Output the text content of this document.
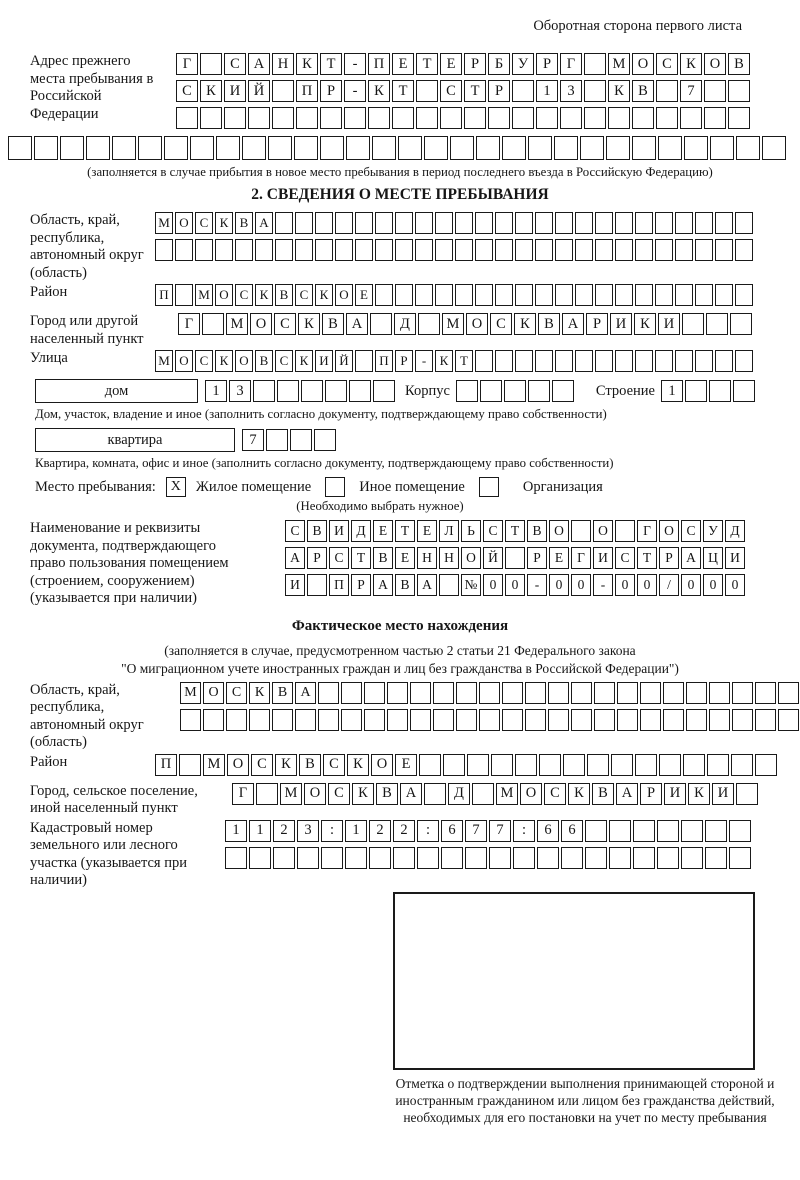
Оборотная сторона первого листа
Адрес прежнего места пребывания в Российской Федерации
Г	С А Н К	Т	-	П Е	Т	Е	Р	Б	У	Р	Г	М О С К О В
С К И Й	П	Р	-	К	Т	С	Т	Р	1	3	К В	7
(заполняется в случае прибытия в новое место пребывания в период последнего въезда в Российскую Федерацию)
2. СВЕДЕНИЯ О МЕСТЕ ПРЕБЫВАНИЯ
Область, край, республика, автономный округ (область)
М О С К В А
Район	П	М О С К В С К О Е
Город или другой населенный пункт
Г	М О С К В А	Д	М О С К В А	Р	И К И
Улица	М О С К О В С К И Й	П Р	-	К Т
дом	1	3	Корпус	Строение 1
Дом, участок, владение и иное (заполнить согласно документу, подтверждающему право собственности)
квартира	7
Квартира, комната, офис и иное (заполнить согласно документу, подтверждающему право собственности)
Место пребывания:	X	Жилое помещение	Иное помещение	Организация
(Необходимо выбрать нужное)
Наименование и реквизиты документа, подтверждающего право пользования помещением (строением, сооружением) (указывается при наличии)
С В И Д Е	Т	Е Л	Ь	С Т В О	О	Г О С У Д
А Р	С Т В Е Н Н О Й	Р	Е	Г И С Т	Р А Ц И
И	П Р А В А	№ 0	0	-	0	0	-	0	0	/	0	0	0
Фактическое место нахождения
(заполняется в случае, предусмотренном частью 2 статьи 21 Федерального закона
"О миграционном учете иностранных граждан и лиц без гражданства в Российской Федерации")
Область, край, республика, автономный округ (область)
М О С К В А
Район	П	М О С К В С К О Е
Город, сельское поселение, иной населенный пункт
Г	М О С К В А	Д	М О С К В А	Р	И К И
Кадастровый номер земельного или лесного участка (указывается при наличии)
1	1	2	3	:	1	2	2	:	6	7	7	:	6	6
Отметка о подтверждении выполнения принимающей стороной и иностранным гражданином или лицом без гражданства действий, необходимых для его постановки на учет по месту пребывания
